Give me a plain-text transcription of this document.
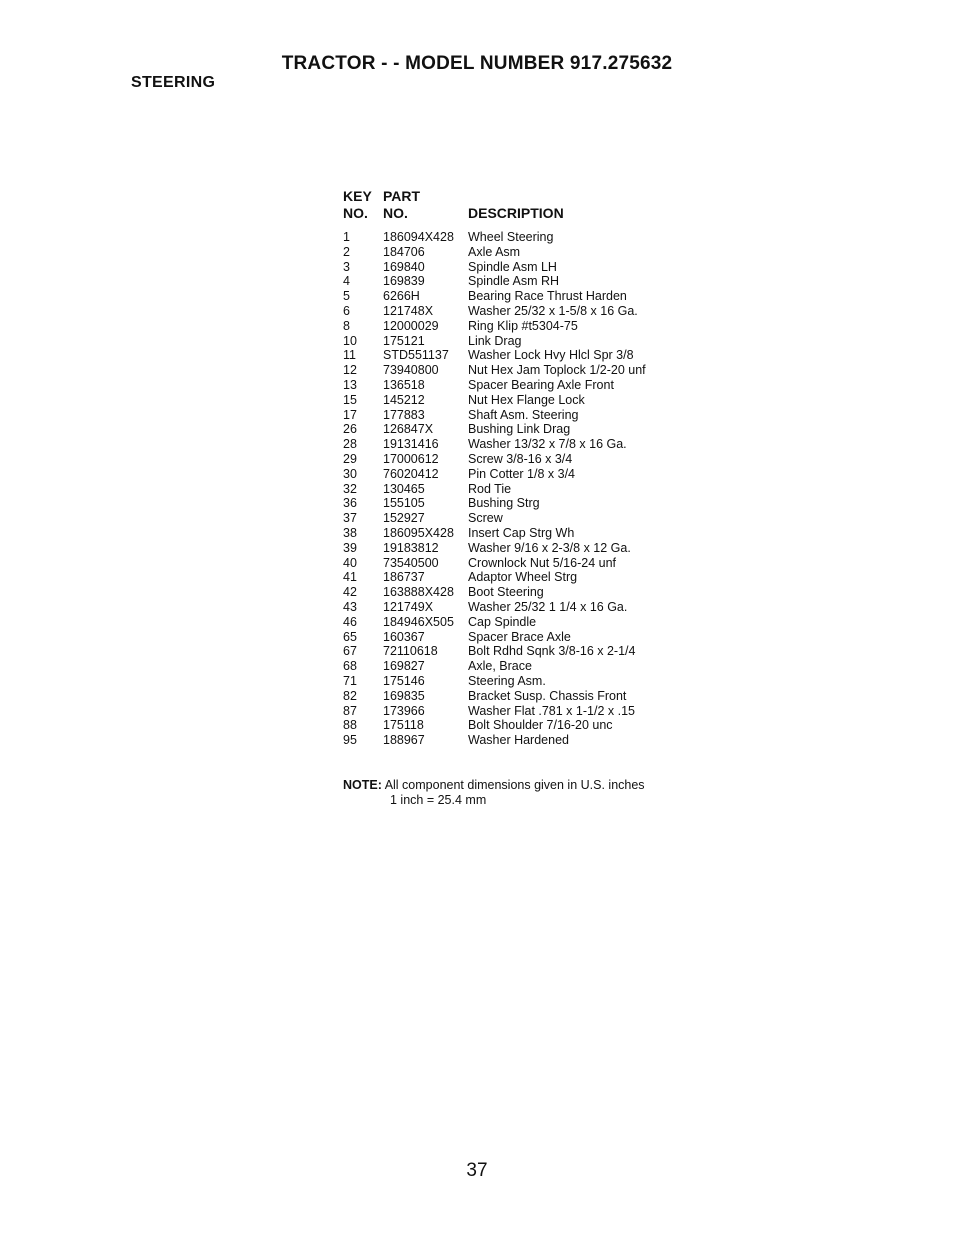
TRACTOR - - MODEL NUMBER 917.275632
STEERING
KEY PART
NO. NO.	DESCRIPTION
1	186094X428 Wheel Steering
2	184706	Axle Asm
3	169840	Spindle Asm LH
4	169839	Spindle Asm RH
5	6266H	Bearing Race Thrust Harden
6	121748X	Washer 25/32 x 1-5/8 x 16 Ga.
8	12000029 Ring Klip #t5304-75
10 175121	Link Drag
11 STD551137 Washer Lock Hvy Hlcl Spr 3/8
12 73940800 Nut Hex Jam Toplock 1/2-20 unf
13 136518	Spacer Bearing Axle Front
15 145212	Nut Hex Flange Lock
17 177883	Shaft Asm. Steering
26 126847X	Bushing Link Drag
28 19131416 Washer 13/32 x 7/8 x 16 Ga.
29 17000612 Screw 3/8-16 x 3/4
30 76020412 Pin Cotter 1/8 x 3/4
32 130465	Rod Tie
36 155105	Bushing Strg
37 152927	Screw
38 186095X428 Insert Cap Strg Wh
39 19183812 Washer 9/16 x 2-3/8 x 12 Ga.
40 73540500 Crownlock Nut 5/16-24 unf
41 186737	Adaptor Wheel Strg
42 163888X428 Boot Steering
43 121749X	Washer 25/32 1 1/4 x 16 Ga.
46 184946X505 Cap Spindle
65 160367	Spacer Brace Axle
67 72110618 Bolt Rdhd Sqnk 3/8-16 x 2-1/4
68 169827	Axle, Brace
71 175146	Steering Asm.
82 169835	Bracket Susp. Chassis Front
87 173966	Washer Flat .781 x 1-1/2 x .15
88 175118	Bolt Shoulder 7/16-20 unc
95 188967	Washer Hardened
NOTE: All component dimensions given in U.S. inches
1 inch = 25.4 mm
37
